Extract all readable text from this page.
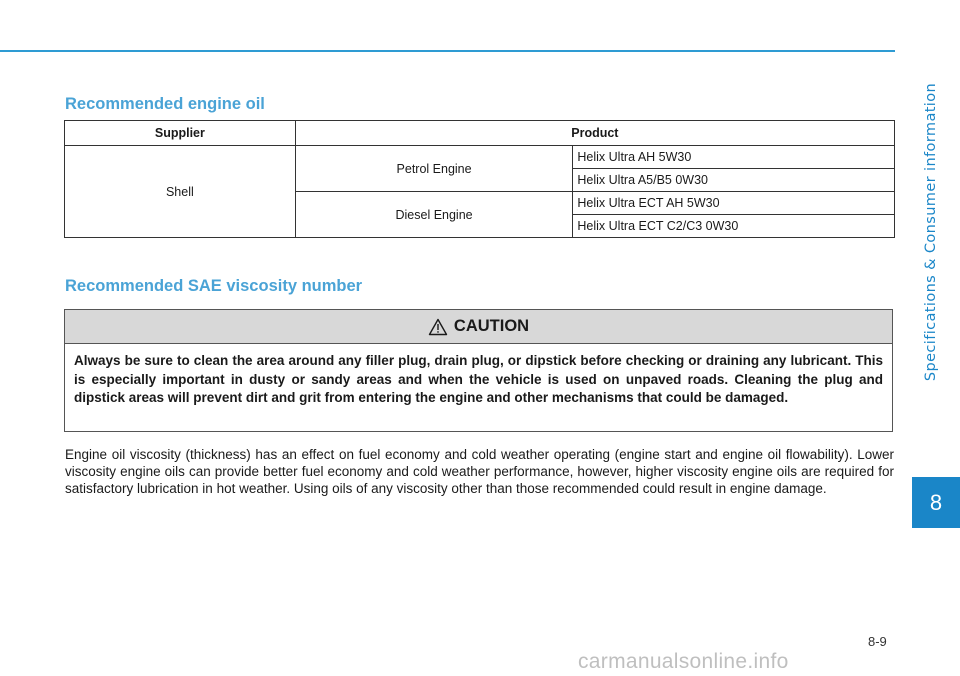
Specifications & Consumer information
8
Recommended engine oil
Supplier	Product	
Shell	Petrol Engine	Helix Ultra AH 5W30
		Helix Ultra A5/B5 0W30
	Diesel Engine	Helix Ultra ECT AH 5W30
		Helix Ultra ECT C2/C3 0W30
Recommended SAE viscosity number
CAUTION
Always be sure to clean the area around any filler plug, drain plug, or dipstick before checking or draining any lubricant. This is especially important in dusty or sandy areas and when the vehicle is used on unpaved roads. Cleaning the plug and dipstick areas will prevent dirt and grit from entering the engine and other mechanisms that could be damaged.

Engine oil viscosity (thickness) has an effect on fuel economy and cold weather operating (engine start and engine oil flowability). Lower viscosity engine oils can provide better fuel economy and cold weather performance, however, higher viscosity engine oils are required for satisfactory lubrication in hot weather. Using oils of any viscosity other than those recommended could result in engine damage.

8-9
carmanualsonline.info
